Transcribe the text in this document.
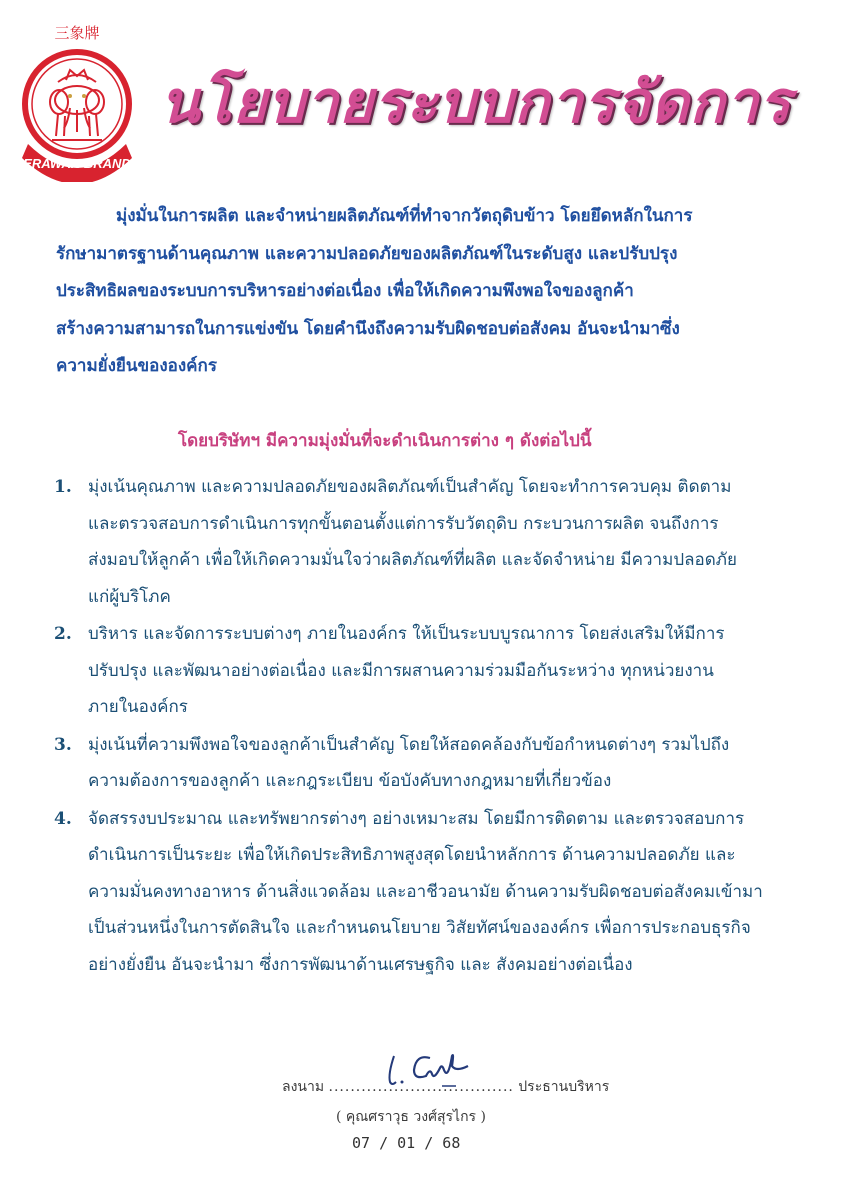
三象牌
ERAWAN BRAND
นโยบายระบบการจัดการ

มุ่งมั่นในการผลิต และจำหน่ายผลิตภัณฑ์ที่ทำจากวัตถุดิบข้าว โดยยึดหลักในการ

รักษามาตรฐานด้านคุณภาพ และความปลอดภัยของผลิตภัณฑ์ในระดับสูง และปรับปรุง

ประสิทธิผลของระบบการบริหารอย่างต่อเนื่อง เพื่อให้เกิดความพึงพอใจของลูกค้า

สร้างความสามารถในการแข่งขัน โดยคำนึงถึงความรับผิดชอบต่อสังคม อันจะนำมาซึ่ง

ความยั่งยืนขององค์กร

โดยบริษัทฯ มีความมุ่งมั่นที่จะดำเนินการต่าง ๆ ดังต่อไปนี้
1. มุ่งเน้นคุณภาพ และความปลอดภัยของผลิตภัณฑ์เป็นสำคัญ โดยจะทำการควบคุม ติดตาม

และตรวจสอบการดำเนินการทุกขั้นตอนตั้งแต่การรับวัตถุดิบ กระบวนการผลิต จนถึงการ

ส่งมอบให้ลูกค้า เพื่อให้เกิดความมั่นใจว่าผลิตภัณฑ์ที่ผลิต และจัดจำหน่าย มีความปลอดภัย

แก่ผู้บริโภค

2. บริหาร และจัดการระบบต่างๆ ภายในองค์กร ให้เป็นระบบบูรณาการ โดยส่งเสริมให้มีการ

ปรับปรุง และพัฒนาอย่างต่อเนื่อง และมีการผสานความร่วมมือกันระหว่าง ทุกหน่วยงาน

ภายในองค์กร

3. มุ่งเน้นที่ความพึงพอใจของลูกค้าเป็นสำคัญ โดยให้สอดคล้องกับข้อกำหนดต่างๆ รวมไปถึง

ความต้องการของลูกค้า และกฎระเบียบ ข้อบังคับทางกฎหมายที่เกี่ยวข้อง

4. จัดสรรงบประมาณ และทรัพยากรต่างๆ อย่างเหมาะสม โดยมีการติดตาม และตรวจสอบการ

ดำเนินการเป็นระยะ เพื่อให้เกิดประสิทธิภาพสูงสุดโดยนำหลักการ ด้านความปลอดภัย และ

ความมั่นคงทางอาหาร ด้านสิ่งแวดล้อม และอาชีวอนามัย ด้านความรับผิดชอบต่อสังคมเข้ามา

เป็นส่วนหนึ่งในการตัดสินใจ และกำหนดนโยบาย วิสัยทัศน์ขององค์กร เพื่อการประกอบธุรกิจ

อย่างยั่งยืน อันจะนำมา ซึ่งการพัฒนาด้านเศรษฐกิจ และ สังคมอย่างต่อเนื่อง

ลงนาม .................................. ประธานบริหาร
( คุณศราวุธ วงศ์สุรไกร )
07 / 01 / 68
